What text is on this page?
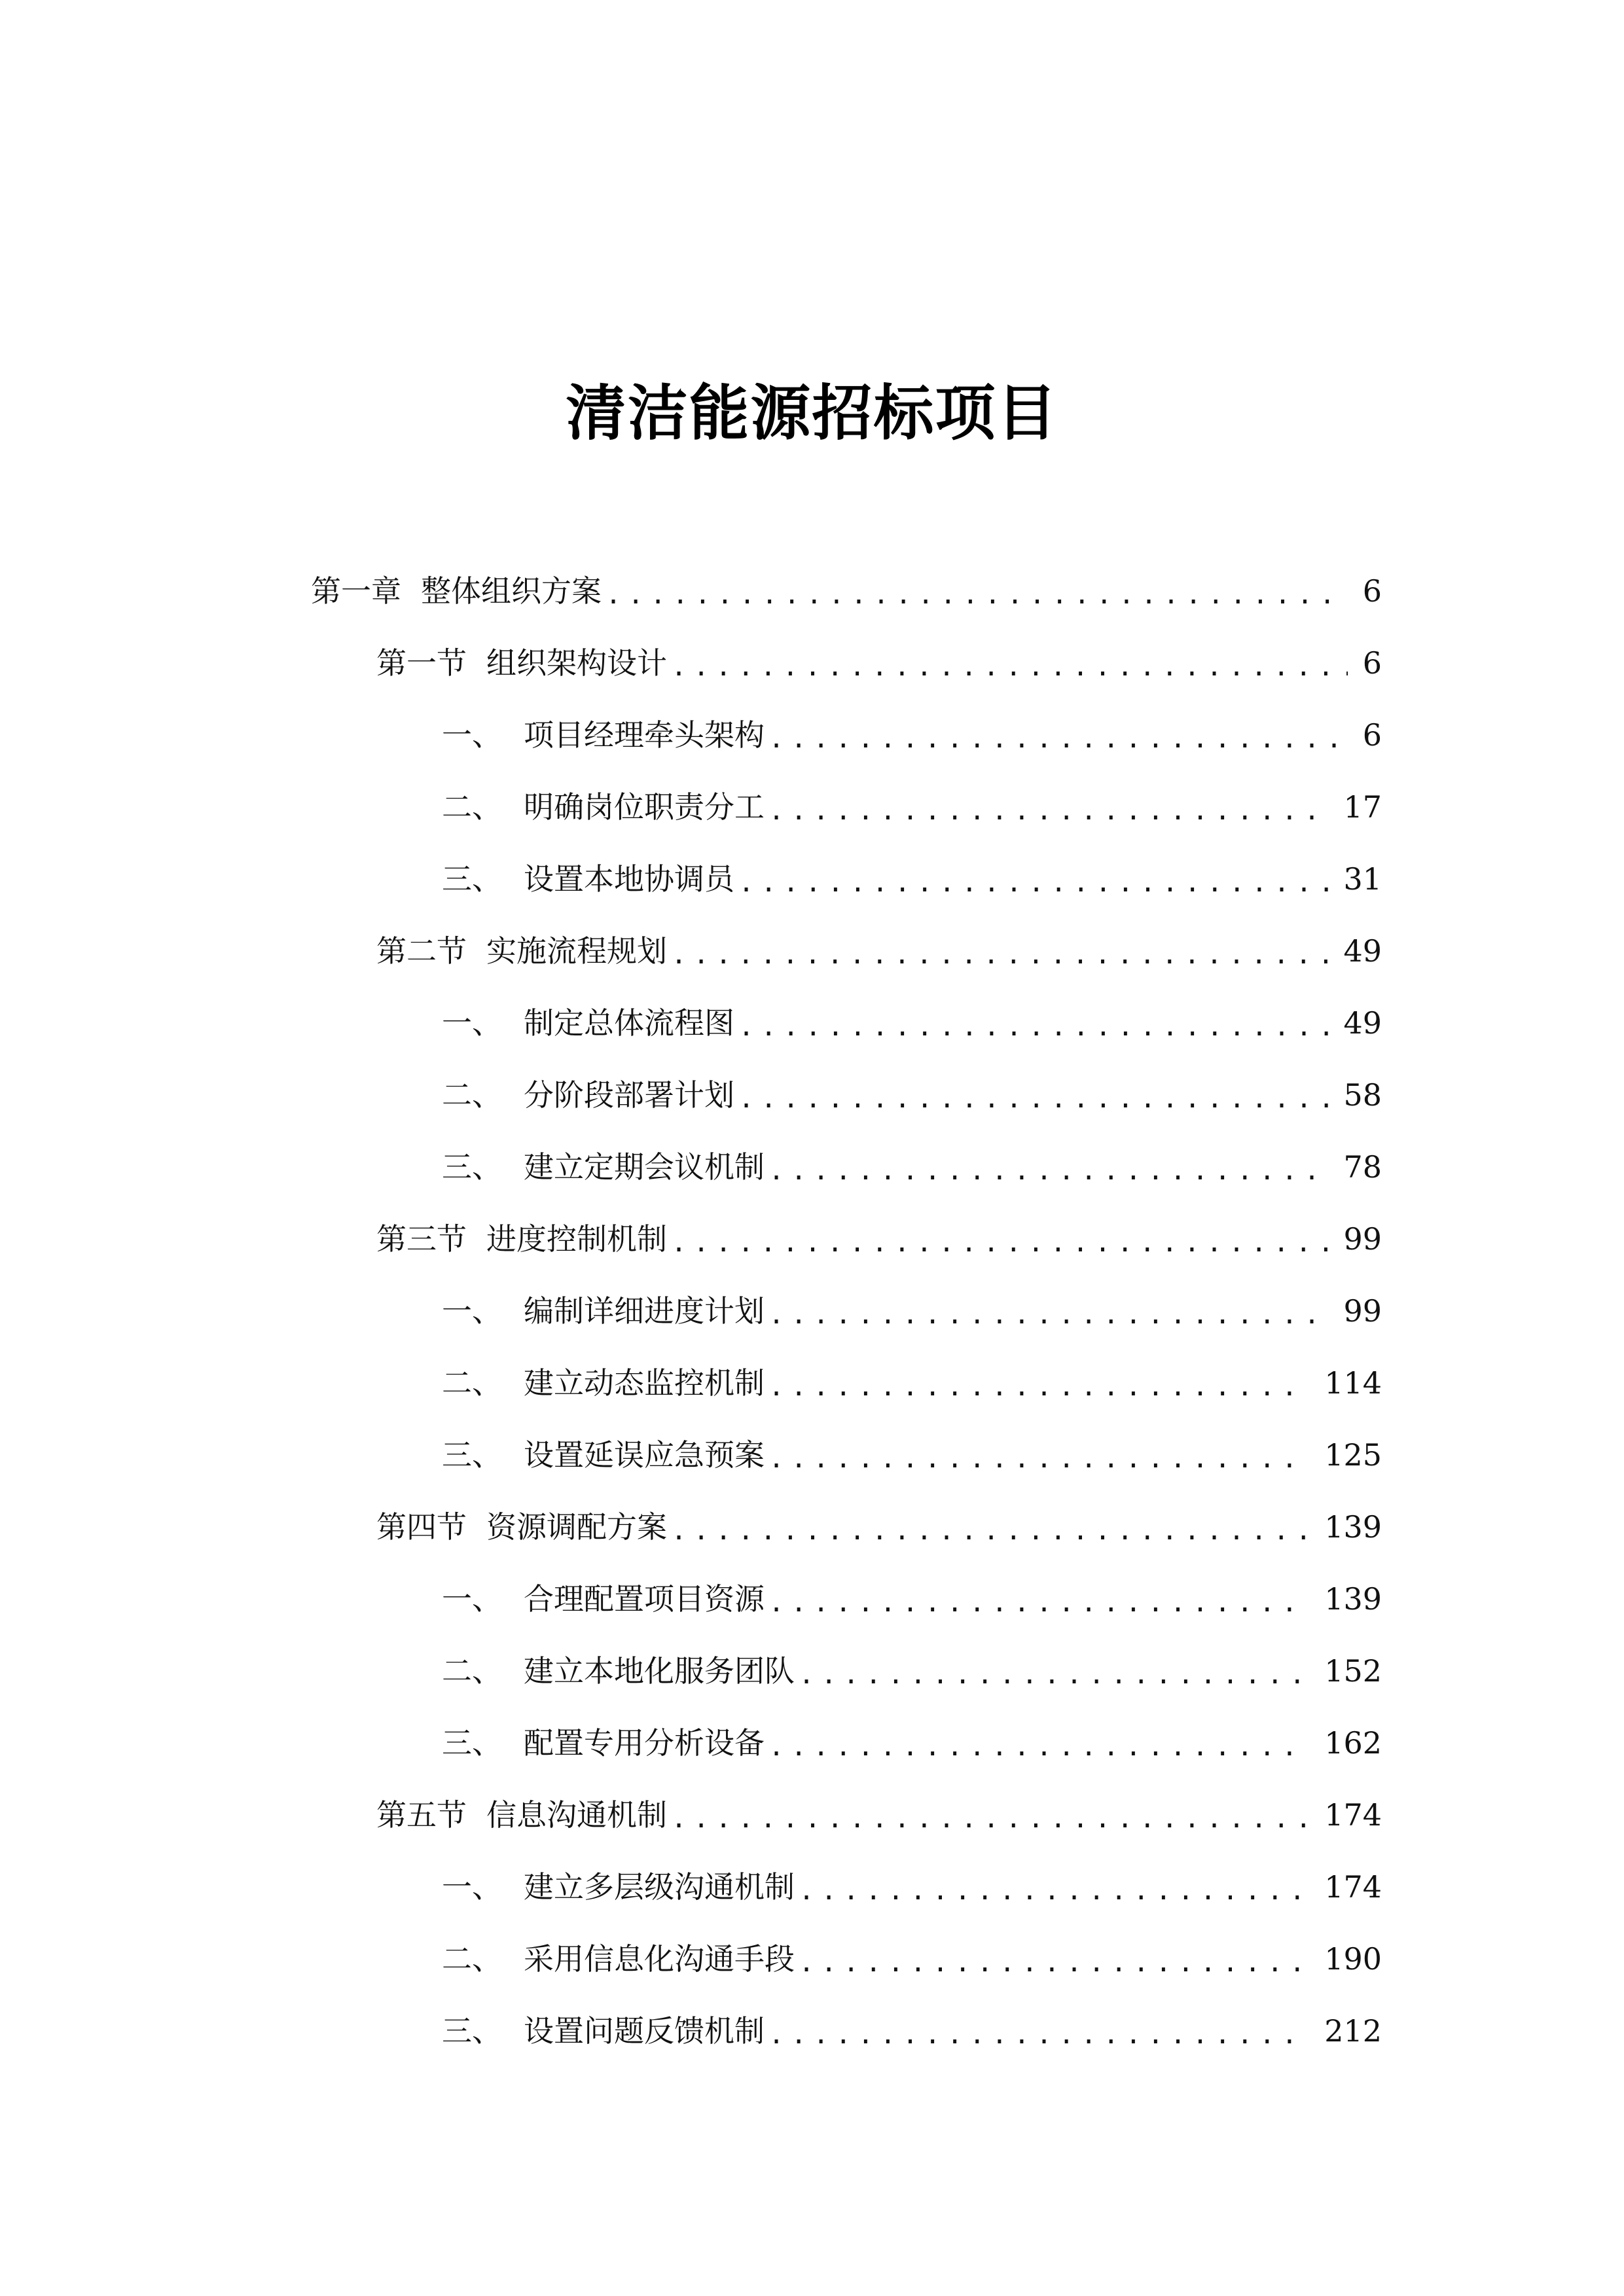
清洁能源招标项目
第一章 整体组织方案 .....	6
第一节 组织架构设计 .....	6
一、 项目经理牵头架构 .....	6
二、 明确岗位职责分工 .....	17
三、 设置本地协调员 .....	31
第二节 实施流程规划 .....	49
一、 制定总体流程图 .....	49
二、 分阶段部署计划 .....	58
三、 建立定期会议机制 .....	78
第三节 进度控制机制 .....	99
一、 编制详细进度计划 .....	99
二、 建立动态监控机制 .....	114
三、 设置延误应急预案 .....	125
第四节 资源调配方案 .....	139
一、 合理配置项目资源 .....	139
二、 建立本地化服务团队 .....	152
三、 配置专用分析设备 .....	162
第五节 信息沟通机制 .....	174
一、 建立多层级沟通机制 .....	174
二、 采用信息化沟通手段 .....	190
三、 设置问题反馈机制 .....	212
